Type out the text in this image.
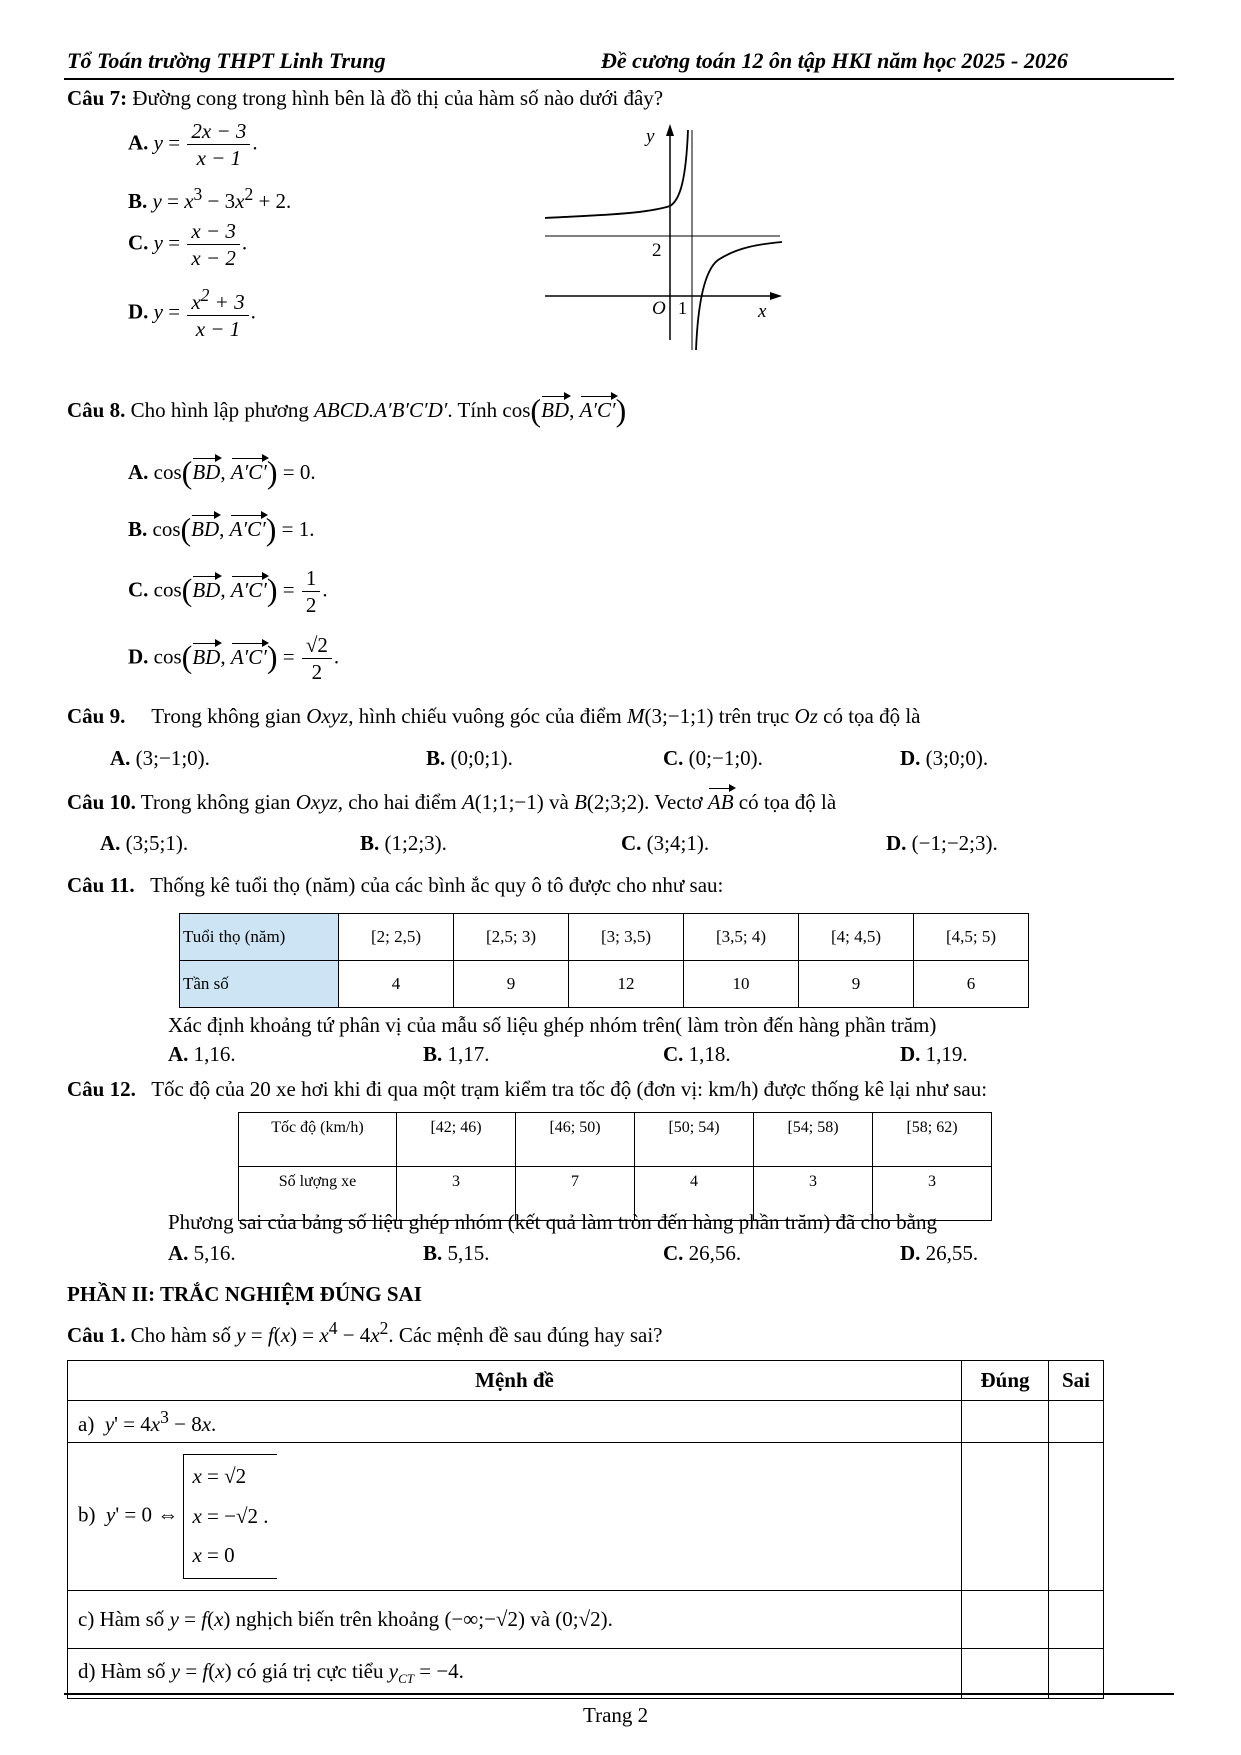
Tổ Toán trường THPT Linh Trung	Đề cương toán 12 ôn tập HKI năm học 2025 - 2026
Câu 7: Đường cong trong hình bên là đồ thị của hàm số nào dưới đây?
A. $y = \frac{2x - 3}{x - 1}$ .
B. $y = x^3 - 3x^2 + 2$.
C. $y = \frac{x - 3}{x - 2}$ .
D. $y = \frac{x^2 + 3}{x - 1}$ .
y
x
O 1
2
Câu 8. Cho hình lập phương ABCD.A′B′C′D′. Tính cos(BD, A′C′)
A. cos(BD, A′C′) = 0.
B. cos(BD, A′C′) = 1.
C. cos(BD, $A'C') = \frac{1}{2}$ .
D. cos(BD, $A'C') = \frac{√2}{2}$ .
Câu 9. Trong không gian Oxyz, hình chiếu vuông góc của điểm M(3;−1;1) trên trục Oz có tọa độ là
A. (3;−1;0).	B. (0;0;1).	C. (0;−1;0).	D. (3;0;0).
Câu 10. Trong không gian Oxyz, cho hai điểm A(1;1;−1) và B(2;3;2). Vectơ AB có tọa độ là
A. (3;5;1).	B. (1;2;3).	C. (3;4;1).	D. (−1;−2;3).
Câu 11. Thống kê tuổi thọ (năm) của các bình ắc quy ô tô được cho như sau:
Tuổi thọ (năm)	[2; 2,5)	[2,5; 3)	[3; 3,5)	[3,5; 4)	[4; 4,5)	[4,5; 5)
Tần số	4	9	12	10	9	6
Xác định khoảng tứ phân vị của mẫu số liệu ghép nhóm trên( làm tròn đến hàng phần trăm)
A. 1,16.	B. 1,17.	C. 1,18.	D. 1,19.
Câu 12. Tốc độ của 20 xe hơi khi đi qua một trạm kiểm tra tốc độ (đơn vị: km/h) được thống kê lại như sau:
Tốc độ (km/h)	[42; 46)	[46; 50)	[50; 54)	[54; 58)	[58; 62)
Số lượng xe	3	7	4	3	3
Phương sai của bảng số liệu ghép nhóm (kết quả làm tròn đến hàng phần trăm) đã cho bằng
A. 5,16.	B. 5,15.	C. 26,56.	D. 26,55.
PHẦN II: TRẮC NGHIỆM ĐÚNG SAI
Câu 1. Cho hàm số $y = f(x) = x^4 - 4x^2$. Các mệnh đề sau đúng hay sai?
Mệnh đề	Đúng	Sai
a) $y' = 4x^3 - 8x$.		
b) y' = 0 ⇔ x = √2
x = −√2 .
x = 0		
c) Hàm số y = f(x) nghịch biến trên khoảng (−∞;−√2) và (0;√2).		
d) Hàm số y = f(x) có giá trị cực tiểu $y_{CT} = -4$.		
Trang 2
